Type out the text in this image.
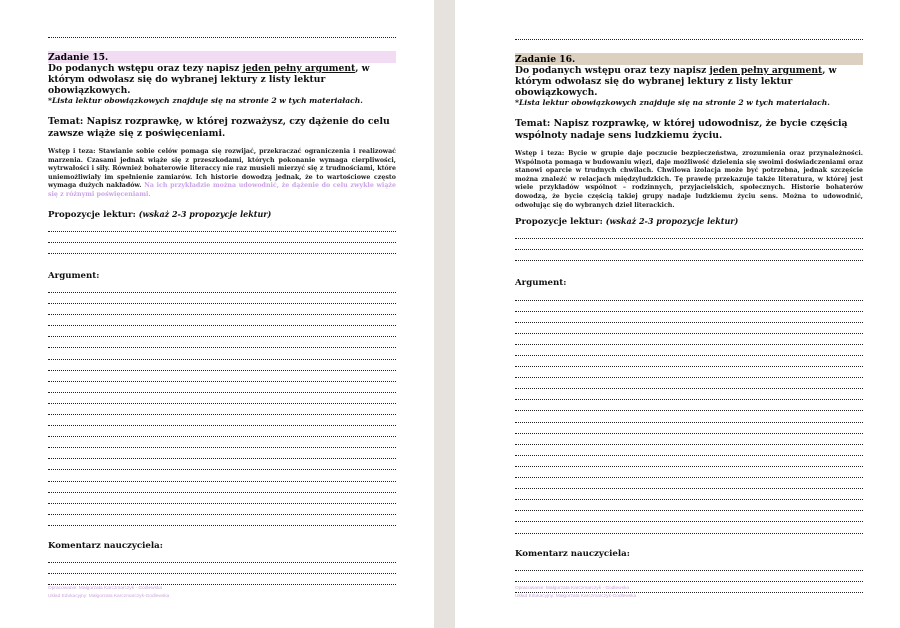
Zadanie 15.
Do podanych wstępu oraz tezy napisz jeden pełny argument, w którym odwołasz się do wybranej lektury z listy lektur obowiązkowych.
*Lista lektur obowiązkowych znajduje się na stronie 2 w tych materiałach.
Temat: Napisz rozprawkę, w której rozważysz, czy dążenie do celu zawsze wiąże się z poświęceniami.
Wstęp i teza: Stawianie sobie celów pomaga się rozwijać, przekraczać ograniczenia i realizować marzenia. Czasami jednak wiąże się z przeszkodami, których pokonanie wymaga cierpliwości, wytrwałości i siły. Również bohaterowie literaccy nie raz musieli mierzyć się z trudnościami, które uniemożliwiały im spełnienie zamiarów. Ich historie dowodzą jednak, że to wartościowe często wymaga dużych nakładów. Na ich przykładzie można udowodnić, że dążenie do celu zwykle wiąże się z różnymi poświęceniami.
Propozycje lektur: (wskaż 2-3 propozycje lektur)
Argument:
Komentarz nauczyciela:
Opracowanie: Małgorzata Karczmarczyk - Godlewska
Układ Edukacyjny: Małgorzata Karczmarczyk-Godlewska
Zadanie 16.
Do podanych wstępu oraz tezy napisz jeden pełny argument, w którym odwołasz się do wybranej lektury z listy lektur obowiązkowych.
*Lista lektur obowiązkowych znajduje się na stronie 2 w tych materiałach.
Temat: Napisz rozprawkę, w której udowodnisz, że bycie częścią wspólnoty nadaje sens ludzkiemu życiu.
Wstęp i teza: Bycie w grupie daje poczucie bezpieczeństwa, zrozumienia oraz przynależności. Wspólnota pomaga w budowaniu więzi, daje możliwość dzielenia się swoimi doświadczeniami oraz stanowi oparcie w trudnych chwilach. Chwilowa izolacja może być potrzebna, jednak szczęście można znaleźć w relacjach międzyludzkich. Tę prawdę przekazuje także literatura, w której jest wiele przykładów wspólnot – rodzinnych, przyjacielskich, społecznych. Historie bohaterów dowodzą, że bycie częścią takiej grupy nadaje ludzkiemu życiu sens. Można to udowodnić, odwołując się do wybranych dzieł literackich.
Propozycje lektur: (wskaż 2-3 propozycje lektur)
Argument:
Komentarz nauczyciela:
Opracowanie: Małgorzata Karczmarczyk - Godlewska
Układ Edukacyjny: Małgorzata Karczmarczyk-Godlewska
